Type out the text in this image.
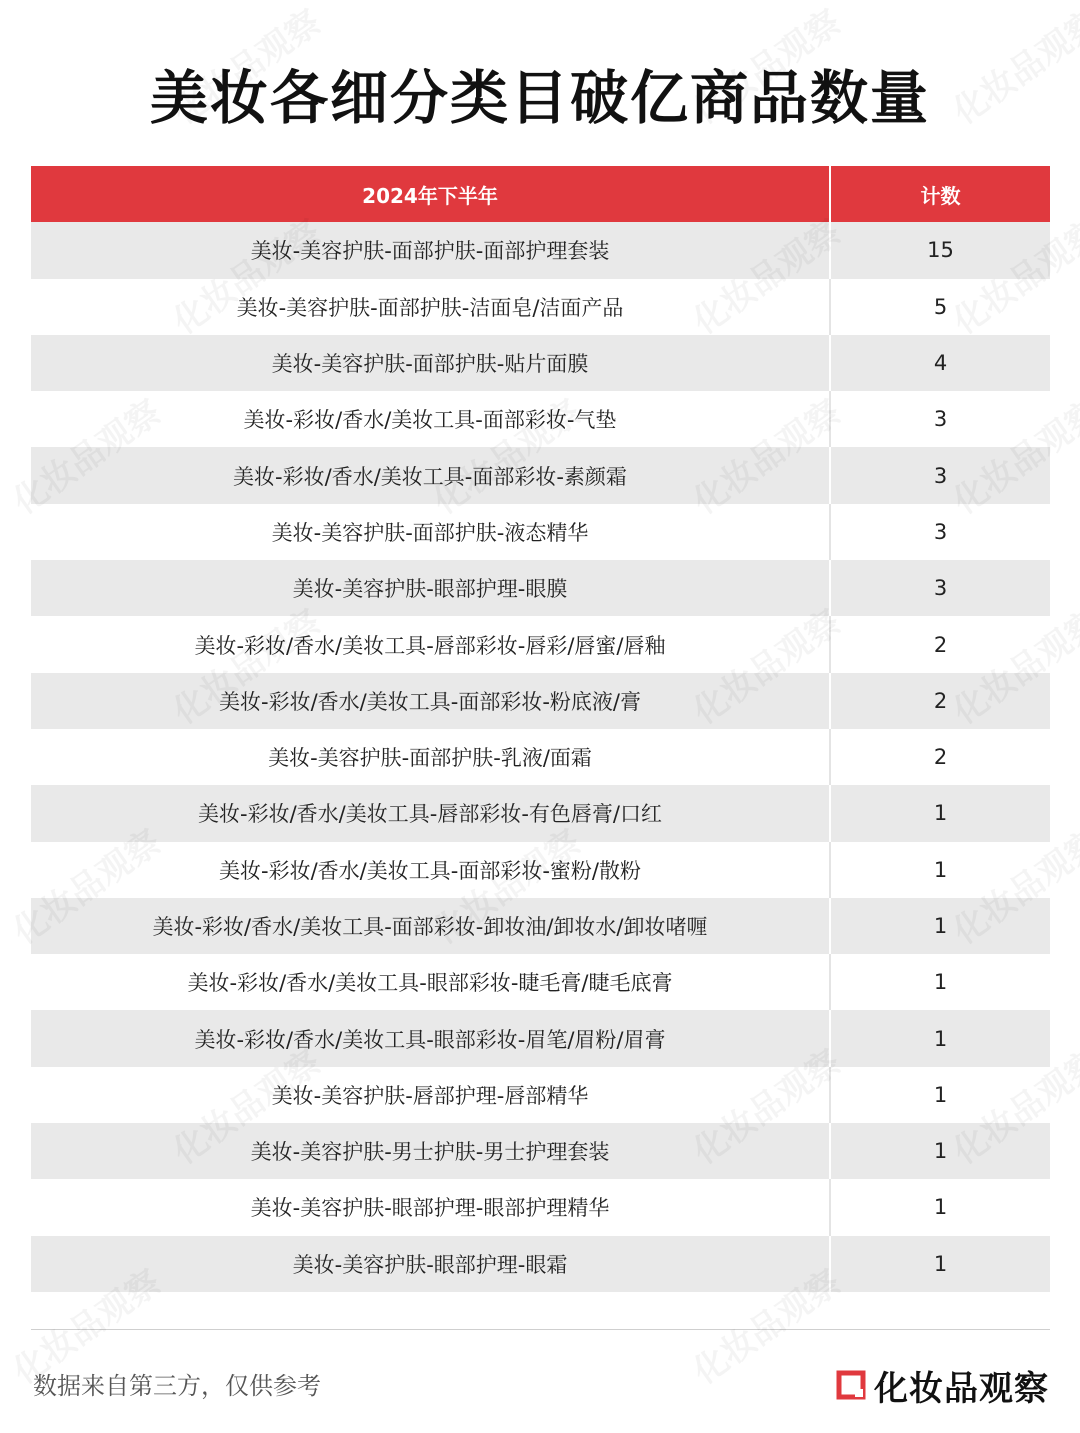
美妆各细分类目破亿商品数量
2024年下半年	计数
美妆-美容护肤-面部护肤-面部护理套装	15
美妆-美容护肤-面部护肤-洁面皂/洁面产品	5
美妆-美容护肤-面部护肤-贴片面膜	4
美妆-彩妆/香水/美妆工具-面部彩妆-气垫	3
美妆-彩妆/香水/美妆工具-面部彩妆-素颜霜	3
美妆-美容护肤-面部护肤-液态精华	3
美妆-美容护肤-眼部护理-眼膜	3
美妆-彩妆/香水/美妆工具-唇部彩妆-唇彩/唇蜜/唇釉	2
美妆-彩妆/香水/美妆工具-面部彩妆-粉底液/膏	2
美妆-美容护肤-面部护肤-乳液/面霜	2
美妆-彩妆/香水/美妆工具-唇部彩妆-有色唇膏/口红	1
美妆-彩妆/香水/美妆工具-面部彩妆-蜜粉/散粉	1
美妆-彩妆/香水/美妆工具-面部彩妆-卸妆油/卸妆水/卸妆啫喱	1
美妆-彩妆/香水/美妆工具-眼部彩妆-睫毛膏/睫毛底膏	1
美妆-彩妆/香水/美妆工具-眼部彩妆-眉笔/眉粉/眉膏	1
美妆-美容护肤-唇部护理-唇部精华	1
美妆-美容护肤-男士护肤-男士护理套装	1
美妆-美容护肤-眼部护理-眼部护理精华	1
美妆-美容护肤-眼部护理-眼霜	1
数据来自第三方，仅供参考	化妆品观察
